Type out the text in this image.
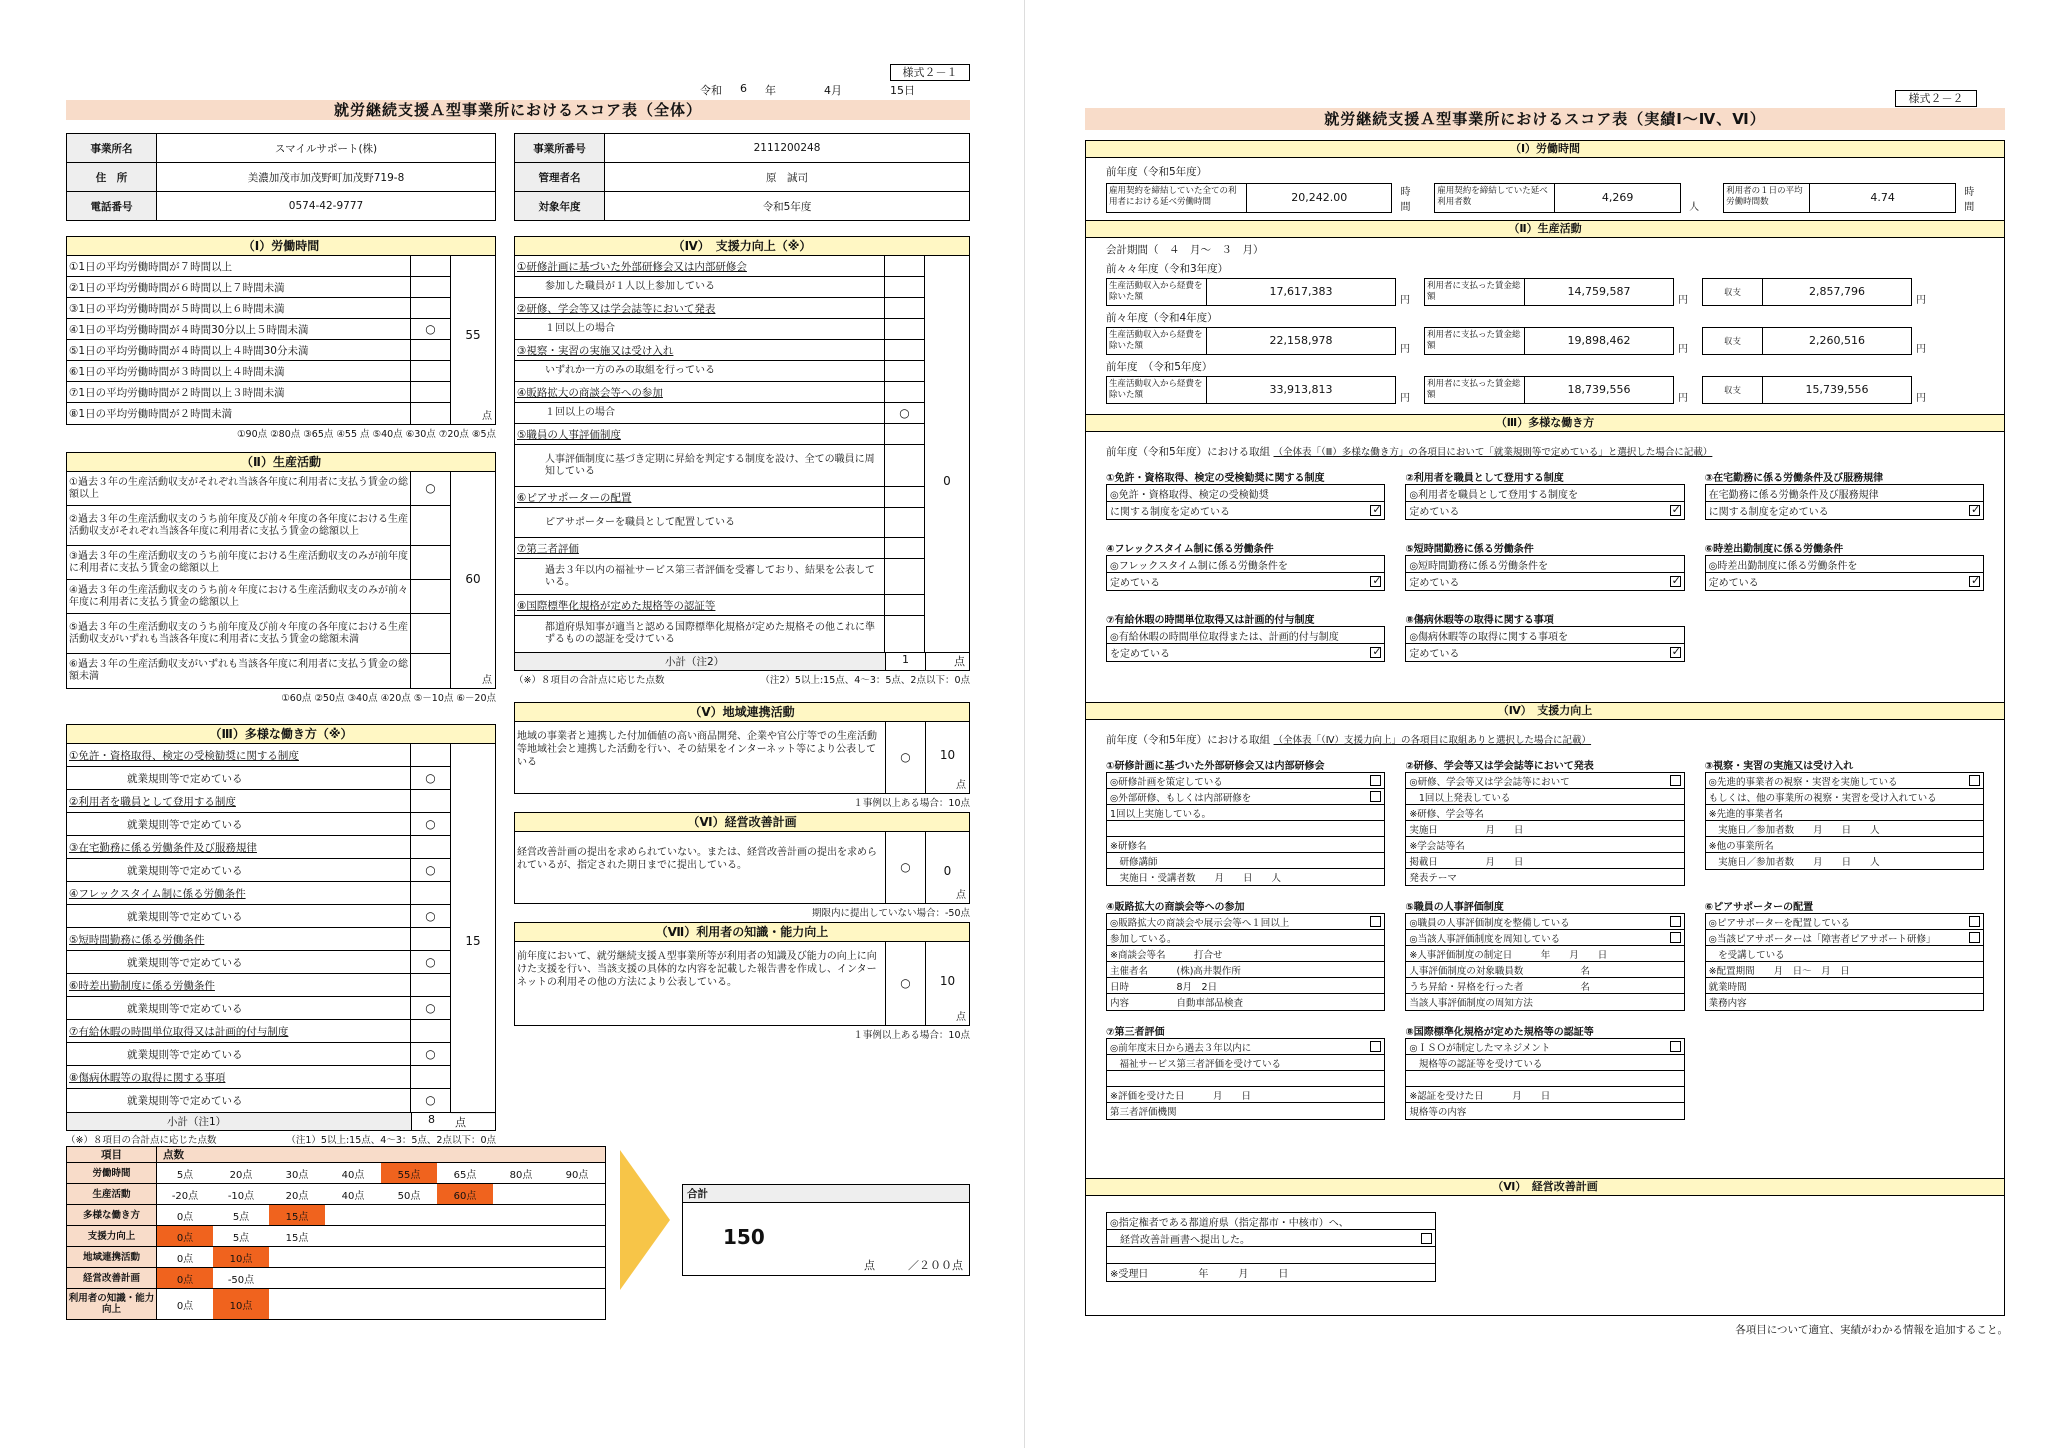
様式２－１
令和 6 年	4月	15日
就労継続支援Ａ型事業所におけるスコア表（全体）
事業所名	スマイルサポート(株)
住　所	美濃加茂市加茂野町加茂野719-8
電話番号	0574-42-9777
事業所番号	2111200248
管理者名	原　誠司
対象年度	令和5年度
（Ⅰ）労働時間
①1日の平均労働時間が７時間以上
②1日の平均労働時間が６時間以上７時間未満
③1日の平均労働時間が５時間以上６時間未満
④1日の平均労働時間が４時間30分以上５時間未満	○
⑤1日の平均労働時間が４時間以上４時間30分未満
⑥1日の平均労働時間が３時間以上４時間未満
⑦1日の平均労働時間が２時間以上３時間未満
⑧1日の平均労働時間が２時間未満
55
点
①90点 ②80点 ③65点 ④55 点 ⑤40点 ⑥30点 ⑦20点 ⑧5点
（Ⅱ）生産活動
①過去３年の生産活動収支がそれぞれ当該各年度に利用者に支払う賃金の総額以上	○
②過去３年の生産活動収支のうち前年度及び前々年度の各年度における生産活動収支がそれぞれ当該各年度に利用者に支払う賃金の総額以上
③過去３年の生産活動収支のうち前年度における生産活動収支のみが前年度に利用者に支払う賃金の総額以上
④過去３年の生産活動収支のうち前々年度における生産活動収支のみが前々年度に利用者に支払う賃金の総額以上
⑤過去３年の生産活動収支のうち前年度及び前々年度の各年度における生産活動収支がいずれも当該各年度に利用者に支払う賃金の総額未満
⑥過去３年の生産活動収支がいずれも当該各年度に利用者に支払う賃金の総額未満
60
点
①60点 ②50点 ③40点 ④20点 ⑤－10点 ⑥－20点
（Ⅲ）多様な働き方（※）
①免許・資格取得、検定の受検勧奨に関する制度
就業規則等で定めている	○
②利用者を職員として登用する制度
就業規則等で定めている	○
③在宅勤務に係る労働条件及び服務規律
就業規則等で定めている	○
④フレックスタイム制に係る労働条件
就業規則等で定めている	○
⑤短時間勤務に係る労働条件
就業規則等で定めている	○
⑥時差出勤制度に係る労働条件
就業規則等で定めている	○
⑦有給休暇の時間単位取得又は計画的付与制度
就業規則等で定めている	○
⑧傷病休暇等の取得に関する事項
就業規則等で定めている	○
15
小計（注1）	8	点
（※）８項目の合計点に応じた点数	（注1）5以上:15点、4～3：5点、2点以下：0点
（Ⅳ）　支援力向上（※）
①研修計画に基づいた外部研修会又は内部研修会
参加した職員が１人以上参加している
②研修、学会等又は学会誌等において発表
１回以上の場合
③視察・実習の実施又は受け入れ
いずれか一方のみの取組を行っている
④販路拡大の商談会等への参加
１回以上の場合	○
⑤職員の人事評価制度
人事評価制度に基づき定期に昇給を判定する制度を設け、全ての職員に周知している
⑥ピアサポーターの配置
ピアサポーターを職員として配置している
⑦第三者評価
過去３年以内の福祉サービス第三者評価を受審しており、結果を公表している。
⑧国際標準化規格が定めた規格等の認証等
都道府県知事が適当と認める国際標準化規格が定めた規格その他これに準ずるものの認証を受けている
0
小計（注2）	1	点
（※）８項目の合計点に応じた点数	（注2）5以上:15点、4～3：5点、2点以下：0点
（Ⅴ）地域連携活動
地域の事業者と連携した付加価値の高い商品開発、企業や官公庁等での生産活動等地域社会と連携した活動を行い、その結果をインターネット等により公表している	○	10
点
１事例以上ある場合：10点
（Ⅵ）経営改善計画
経営改善計画の提出を求められていない。または、経営改善計画の提出を求められているが、指定された期日までに提出している。	○	0
点
期限内に提出していない場合：-50点
（Ⅶ）利用者の知識・能力向上
前年度において、就労継続支援Ａ型事業所等が利用者の知識及び能力の向上に向けた支援を行い、当該支援の具体的な内容を記載した報告書を作成し、インターネットの利用その他の方法により公表している。	○	10
点
１事例以上ある場合：10点
項目	点数
労働時間	5点	20点	30点	40点	55点	65点	80点	90点
生産活動	-20点	-10点	20点	40点	50点	60点
多様な働き方	0点	5点	15点
支援力向上	0点	5点	15点
地域連携活動	0点	10点
経営改善計画	0点	-50点
利用者の知識・能力向上	0点	10点
合計
150
点　　　／２００点
様式２－２
就労継続支援Ａ型事業所におけるスコア表（実績Ⅰ～Ⅳ、Ⅵ）
（Ⅰ）労働時間
前年度（令和5年度）
雇用契約を締結していた全ての利用者における延べ労働時間	20,242.00	時間
雇用契約を締結していた延べ利用者数	4,269
人
利用者の１日の平均労働時間数	4.74	時間
（Ⅱ）生産活動
会計期間（　４　月～　３　月）
前々々年度（令和3年度）
生産活動収入から経費を除いた額	17,617,383
円
利用者に支払った賃金総額	14,759,587
円
収支	2,857,796
円
前々年度（令和4年度）
生産活動収入から経費を除いた額	22,158,978
円
利用者に支払った賃金総額	19,898,462
円
収支	2,260,516
円
前年度　（令和5年度）
生産活動収入から経費を除いた額	33,913,813
円
利用者に支払った賃金総額	18,739,556
円
収支	15,739,556
円
（Ⅲ）多様な働き方
前年度（令和5年度）における取組 （全体表「（Ⅲ）多様な働き方」の各項目において「就業規則等で定めている」と選択した場合に記載）
①免許・資格取得、検定の受検勧奨に関する制度
◎免許・資格取得、検定の受検勧奨
に関する制度を定めている
✓
②利用者を職員として登用する制度
◎利用者を職員として登用する制度を
定めている
✓
③在宅勤務に係る労働条件及び服務規律
在宅勤務に係る労働条件及び服務規律
に関する制度を定めている
✓
④フレックスタイム制に係る労働条件
◎フレックスタイム制に係る労働条件を
定めている
✓
⑤短時間勤務に係る労働条件
◎短時間勤務に係る労働条件を
定めている
✓
⑥時差出勤制度に係る労働条件
◎時差出勤制度に係る労働条件を
定めている
✓
⑦有給休暇の時間単位取得又は計画的付与制度
◎有給休暇の時間単位取得または、計画的付与制度
を定めている
✓
⑧傷病休暇等の取得に関する事項
◎傷病休暇等の取得に関する事項を
定めている
✓
（Ⅳ）　支援力向上
前年度（令和5年度）における取組 （全体表「（Ⅳ）支援力向上」の各項目に取組ありと選択した場合に記載）
①研修計画に基づいた外部研修会又は内部研修会
◎研修計画を策定している
◎外部研修、もしくは内部研修を
1回以上実施している。
※研修名
　研修講師
　実施日・受講者数　　月　　日　　人
②研修、学会等又は学会誌等において発表
◎研修、学会等又は学会誌等において
　1回以上発表している
※研修、学会等名
実施日　　　　　月　　日
※学会誌等名
掲載日　　　　　月　　日
発表テーマ
③視察・実習の実施又は受け入れ
◎先進的事業者の視察・実習を実施している
もしくは、他の事業所の視察・実習を受け入れている
※先進的事業者名
　実施日／参加者数　　月　　日　　人
※他の事業所名
　実施日／参加者数　　月　　日　　人
④販路拡大の商談会等への参加
◎販路拡大の商談会や展示会等へ１回以上
参加している。
※商談会等名　　　打合せ
主催者名　　　(株)高井製作所
日時　　　　　8月　2日
内容　　　　　自動車部品検査
⑤職員の人事評価制度
◎職員の人事評価制度を整備している
◎当該人事評価制度を周知している
※人事評価制度の制定日　　　年　　月　　日
人事評価制度の対象職員数　　　　　　名
うち昇給・昇格を行った者　　　　　　名
当該人事評価制度の周知方法
⑥ピアサポーターの配置
◎ピアサポーターを配置している
◎当該ピアサポーターは「障害者ピアサポート研修」
　を受講している
※配置期間　　月　日～　月　日
就業時間
業務内容
⑦第三者評価
◎前年度末日から過去３年以内に
　福祉サービス第三者評価を受けている
※評価を受けた日　　　月　　日
第三者評価機関
⑧国際標準化規格が定めた規格等の認証等
◎ＩＳＯが制定したマネジメント
　規格等の認証等を受けている
※認証を受けた日　　　月　　日
規格等の内容
（Ⅵ）　経営改善計画
◎指定権者である都道府県（指定都市・中核市）へ、
　経営改善計画書へ提出した。
※受理日　　　　　年　　　月　　　日
各項目について適宜、実績がわかる情報を追加すること。
